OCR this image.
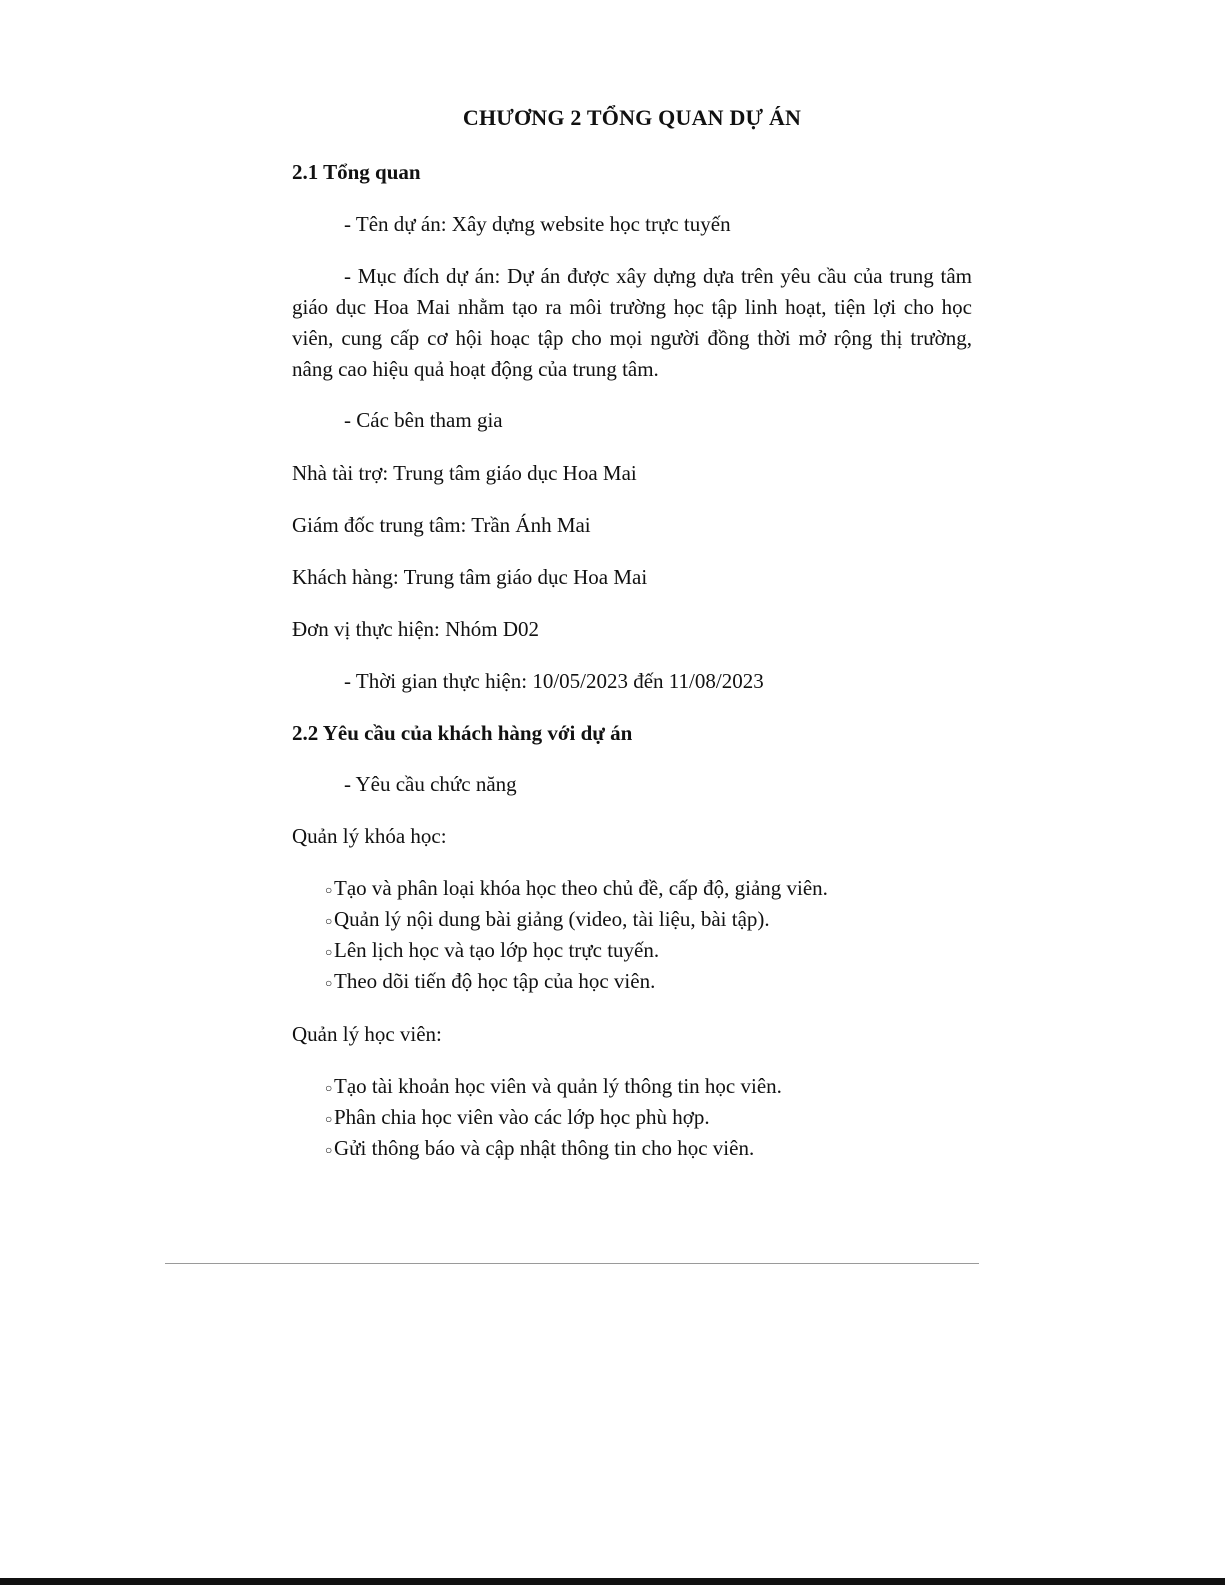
CHƯƠNG 2 TỔNG QUAN DỰ ÁN
2.1 Tổng quan
- Tên dự án: Xây dựng website học trực tuyến
- Mục đích dự án: Dự án được xây dựng dựa trên yêu cầu của trung tâm giáo dục Hoa Mai nhằm tạo ra môi trường học tập linh hoạt, tiện lợi cho học viên, cung cấp cơ hội hoạc tập cho mọi người đồng thời mở rộng thị trường, nâng cao hiệu quả hoạt động của trung tâm.
- Các bên tham gia
Nhà tài trợ: Trung tâm giáo dục Hoa Mai
Giám đốc trung tâm: Trần Ánh Mai
Khách hàng: Trung tâm giáo dục Hoa Mai
Đơn vị thực hiện: Nhóm D02
- Thời gian thực hiện: 10/05/2023 đến 11/08/2023
2.2 Yêu cầu của khách hàng với dự án
- Yêu cầu chức năng
Quản lý khóa học:
○Tạo và phân loại khóa học theo chủ đề, cấp độ, giảng viên.
○Quản lý nội dung bài giảng (video, tài liệu, bài tập).
○Lên lịch học và tạo lớp học trực tuyến.
○Theo dõi tiến độ học tập của học viên.
Quản lý học viên:
○Tạo tài khoản học viên và quản lý thông tin học viên.
○Phân chia học viên vào các lớp học phù hợp.
○Gửi thông báo và cập nhật thông tin cho học viên.
